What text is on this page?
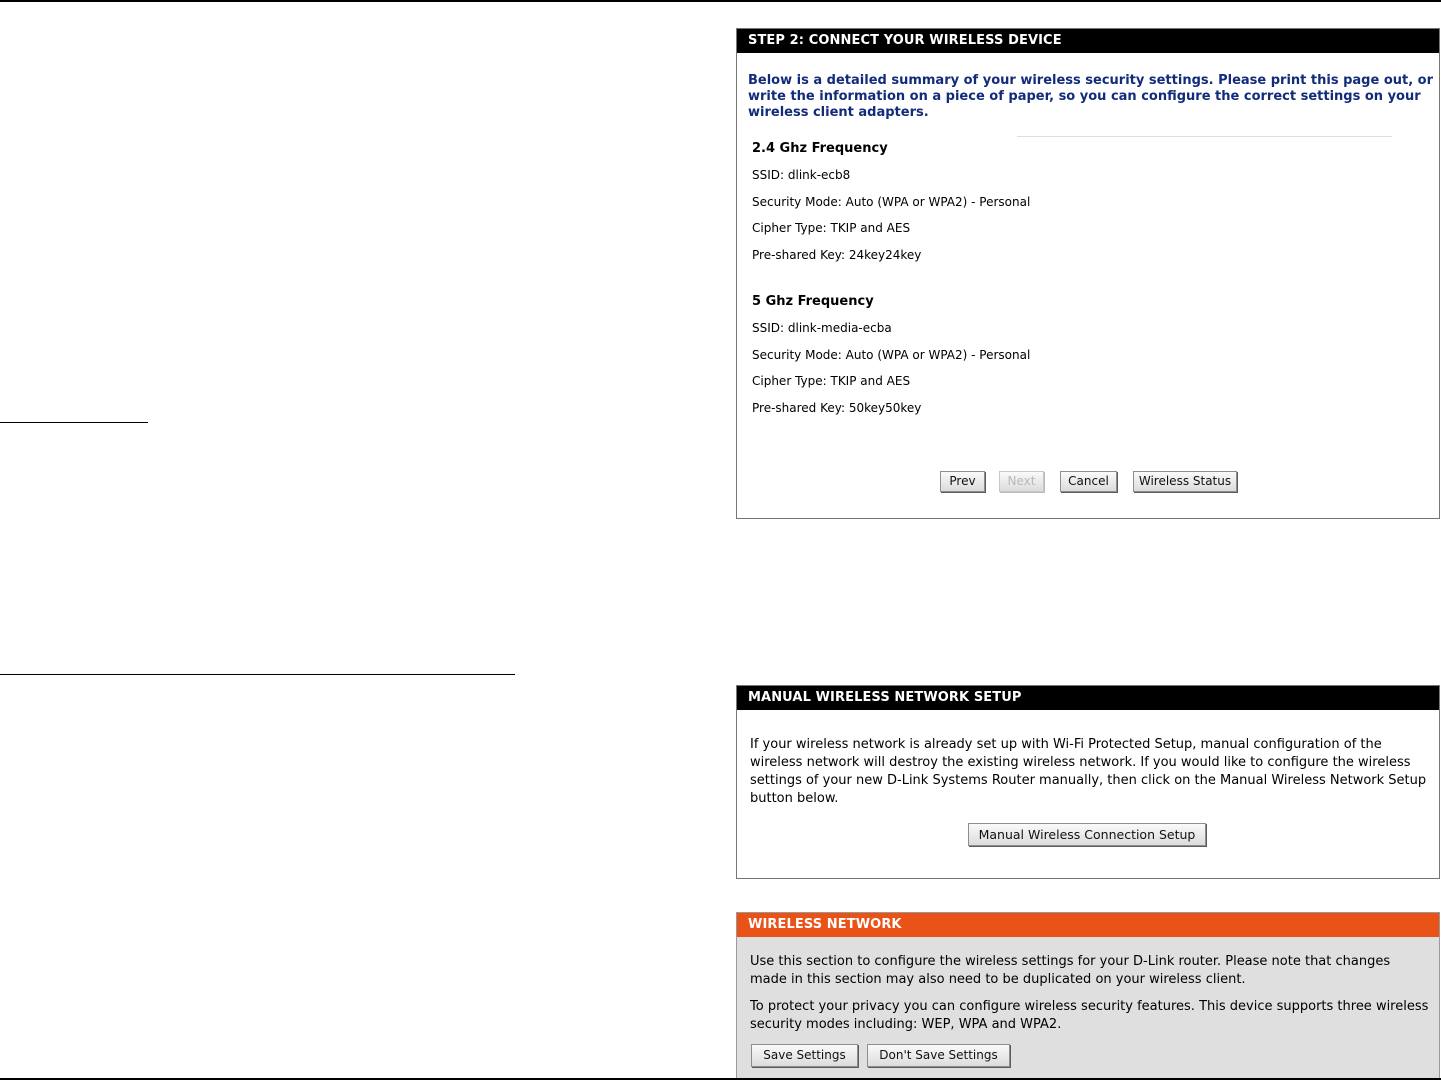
STEP 2: CONNECT YOUR WIRELESS DEVICE
Below is a detailed summary of your wireless security settings. Please print this page out, or write the information on a piece of paper, so you can configure the correct settings on your wireless client adapters.
2.4 Ghz Frequency
SSID: dlink-ecb8
Security Mode: Auto (WPA or WPA2) - Personal
Cipher Type: TKIP and AES
Pre-shared Key: 24key24key
5 Ghz Frequency
SSID: dlink-media-ecba
Security Mode: Auto (WPA or WPA2) - Personal
Cipher Type: TKIP and AES
Pre-shared Key: 50key50key
Prev	Next	Cancel	Wireless Status
MANUAL WIRELESS NETWORK SETUP
If your wireless network is already set up with Wi-Fi Protected Setup, manual configuration of the wireless network will destroy the existing wireless network. If you would like to configure the wireless settings of your new D-Link Systems Router manually, then click on the Manual Wireless Network Setup button below.
Manual Wireless Connection Setup
WIRELESS NETWORK
Use this section to configure the wireless settings for your D-Link router. Please note that changes made in this section may also need to be duplicated on your wireless client.
To protect your privacy you can configure wireless security features. This device supports three wireless security modes including: WEP, WPA and WPA2.
Save Settings	Don't Save Settings
